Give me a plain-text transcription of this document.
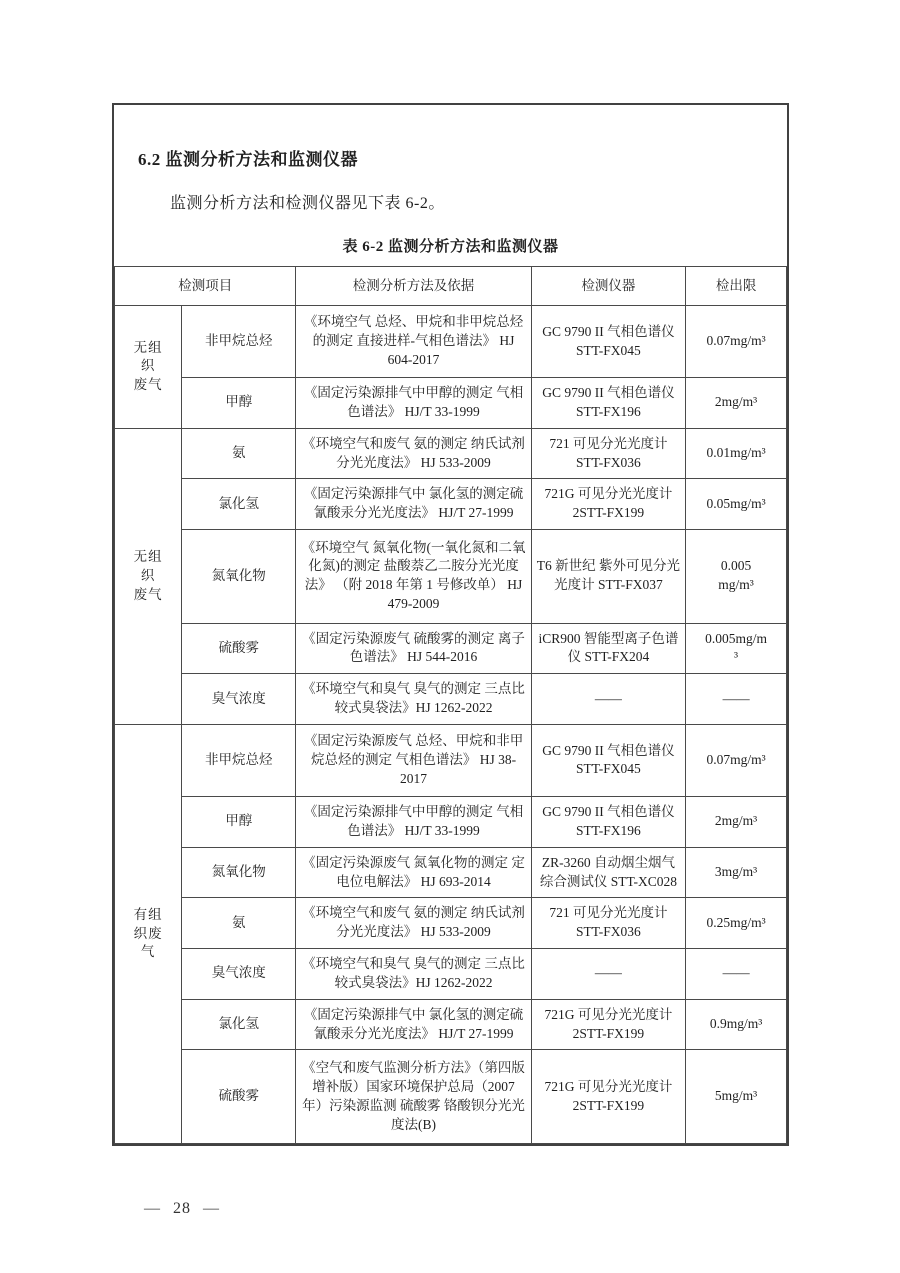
6.2 监测分析方法和监测仪器

监测分析方法和检测仪器见下表 6-2。

表 6-2 监测分析方法和监测仪器

检测项目		检测分析方法及依据	检测仪器	检出限
无组
织
废气	非甲烷总烃	《环境空气 总烃、甲烷和非甲烷总烃的测定 直接进样-气相色谱法》 HJ 604-2017	GC 9790 II 气相色谱仪 STT-FX045	0.07mg/m³
	甲醇	《固定污染源排气中甲醇的测定 气相色谱法》 HJ/T 33-1999	GC 9790 II 气相色谱仪 STT-FX196	2mg/m³
无组
织
废气	氨	《环境空气和废气 氨的测定 纳氏试剂分光光度法》 HJ 533-2009	721 可见分光光度计 STT-FX036	0.01mg/m³
	氯化氢	《固定污染源排气中 氯化氢的测定硫氰酸汞分光光度法》 HJ/T 27-1999	721G 可见分光光度计 2STT-FX199	0.05mg/m³
	氮氧化物	《环境空气 氮氧化物(一氧化氮和二氧化氮)的测定 盐酸萘乙二胺分光光度法》 （附 2018 年第 1 号修改单） HJ 479-2009	T6 新世纪 紫外可见分光光度计 STT-FX037	0.005
mg/m³
	硫酸雾	《固定污染源废气 硫酸雾的测定 离子色谱法》 HJ 544-2016	iCR900 智能型离子色谱仪 STT-FX204	0.005mg/m
³
	臭气浓度	《环境空气和臭气 臭气的测定 三点比较式臭袋法》HJ 1262-2022	——	——
有组
织废
气	非甲烷总烃	《固定污染源废气 总烃、甲烷和非甲烷总烃的测定 气相色谱法》 HJ 38-2017	GC 9790 II 气相色谱仪 STT-FX045	0.07mg/m³
	甲醇	《固定污染源排气中甲醇的测定 气相色谱法》 HJ/T 33-1999	GC 9790 II 气相色谱仪 STT-FX196	2mg/m³
	氮氧化物	《固定污染源废气 氮氧化物的测定 定电位电解法》 HJ 693-2014	ZR-3260 自动烟尘烟气综合测试仪 STT-XC028	3mg/m³
	氨	《环境空气和废气 氨的测定 纳氏试剂分光光度法》 HJ 533-2009	721 可见分光光度计 STT-FX036	0.25mg/m³
	臭气浓度	《环境空气和臭气 臭气的测定 三点比较式臭袋法》HJ 1262-2022	——	——
	氯化氢	《固定污染源排气中 氯化氢的测定硫氰酸汞分光光度法》 HJ/T 27-1999	721G 可见分光光度计 2STT-FX199	0.9mg/m³
	硫酸雾	《空气和废气监测分析方法》（第四版增补版）国家环境保护总局（2007 年）污染源监测 硫酸雾 铬酸钡分光光度法(B)	721G 可见分光光度计 2STT-FX199	5mg/m³
— 28 —
